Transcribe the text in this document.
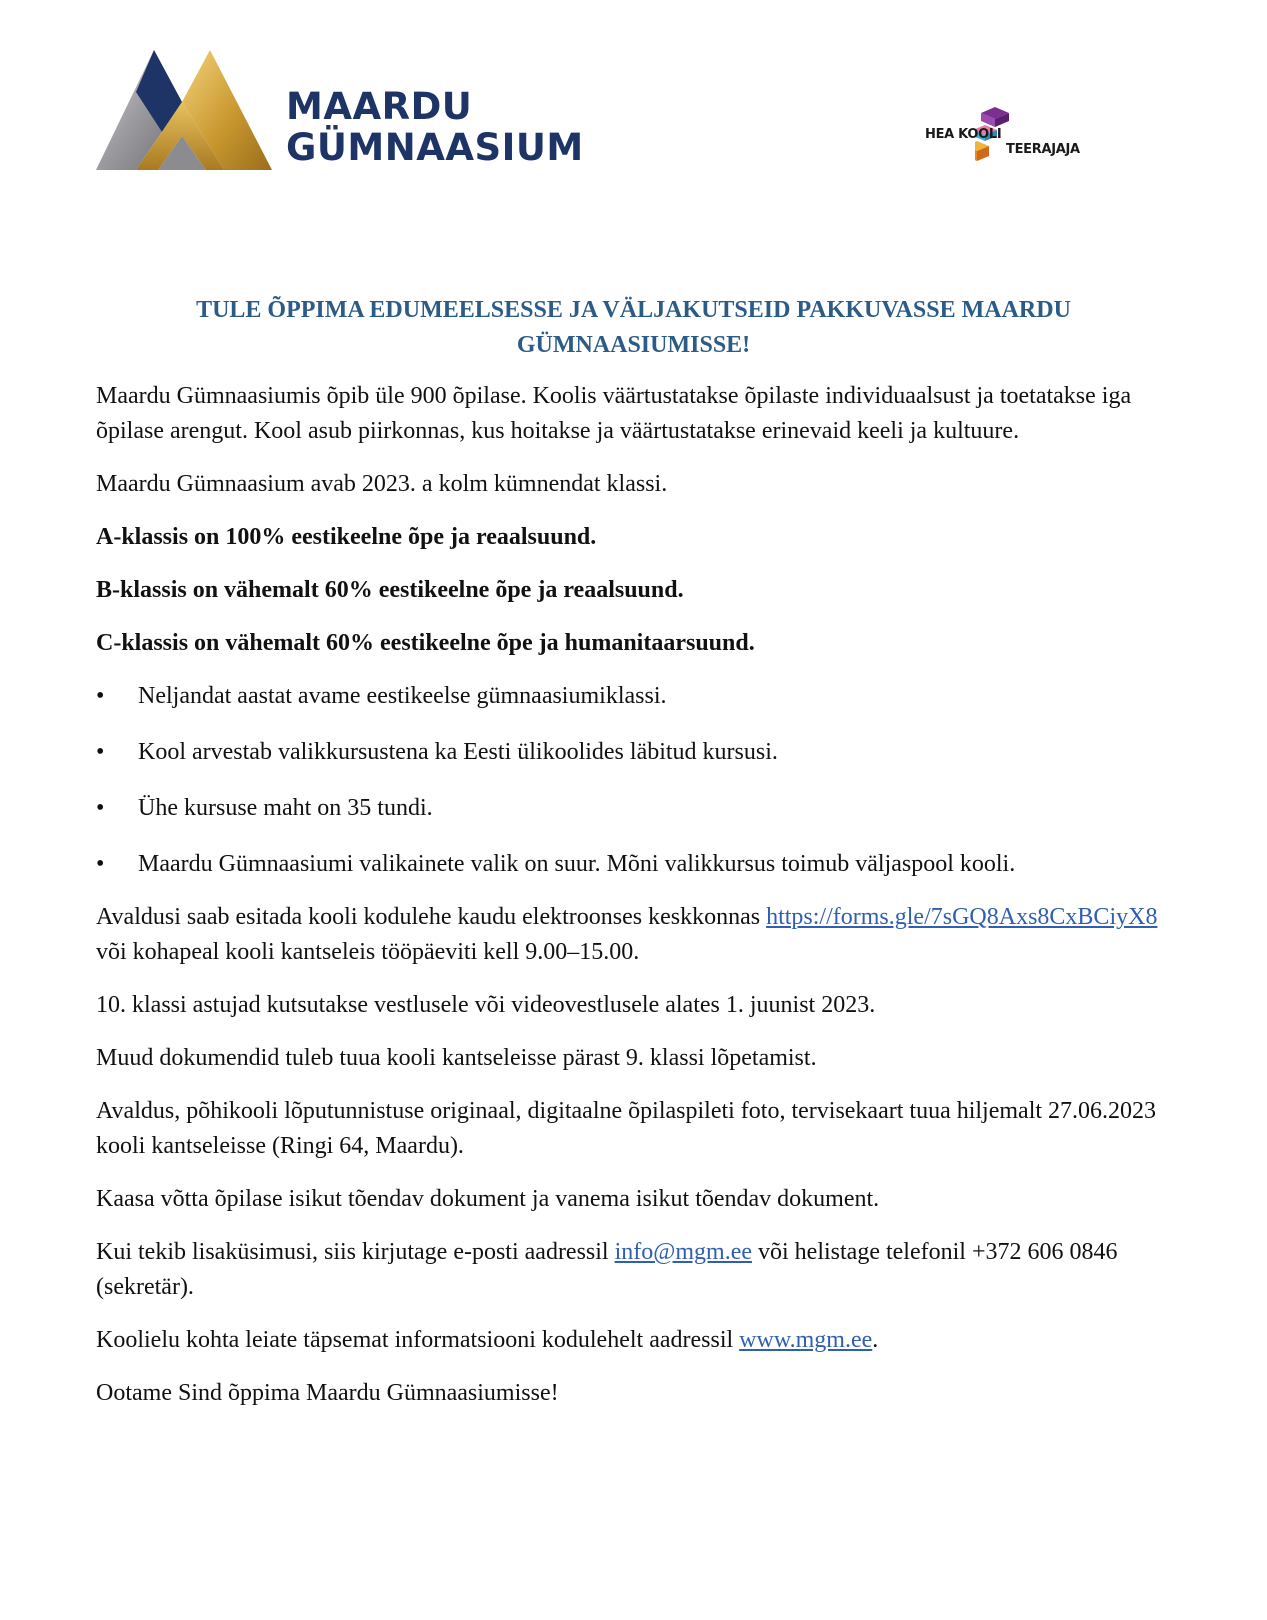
MAARDU
GÜMNAASIUM	HEA KOOLI
TEERAJAJA
TULE ÕPPIMA EDUMEELSESSE JA VÄLJAKUTSEID PAKKUVASSE MAARDU GÜMNAASIUMISSE!

Maardu Gümnaasiumis õpib üle 900 õpilase. Koolis väärtustatakse õpilaste individuaalsust ja toetatakse iga õpilase arengut. Kool asub piirkonnas, kus hoitakse ja väärtustatakse erinevaid keeli ja kultuure.

Maardu Gümnaasium avab 2023. a kolm kümnendat klassi.

A-klassis on 100% eestikeelne õpe ja reaalsuund.

B-klassis on vähemalt 60% eestikeelne õpe ja reaalsuund.

C-klassis on vähemalt 60% eestikeelne õpe ja humanitaarsuund.

• Neljandat aastat avame eestikeelse gümnaasiumiklassi.
• Kool arvestab valikkursustena ka Eesti ülikoolides läbitud kursusi.
• Ühe kursuse maht on 35 tundi.
• Maardu Gümnaasiumi valikainete valik on suur. Mõni valikkursus toimub väljaspool kooli.

Avaldusi saab esitada kooli kodulehe kaudu elektroonses keskkonnas https://forms.gle/7sGQ8Axs8CxBCiyX8 või kohapeal kooli kantseleis tööpäeviti kell 9.00–15.00.

10. klassi astujad kutsutakse vestlusele või videovestlusele alates 1. juunist 2023.

Muud dokumendid tuleb tuua kooli kantseleisse pärast 9. klassi lõpetamist.

Avaldus, põhikooli lõputunnistuse originaal, digitaalne õpilaspileti foto, tervisekaart tuua hiljemalt 27.06.2023 kooli kantseleisse (Ringi 64, Maardu).

Kaasa võtta õpilase isikut tõendav dokument ja vanema isikut tõendav dokument.

Kui tekib lisaküsimusi, siis kirjutage e-posti aadressil info@mgm.ee või helistage telefonil +372 606 0846 (sekretär).

Koolielu kohta leiate täpsemat informatsiooni kodulehelt aadressil www.mgm.ee.

Ootame Sind õppima Maardu Gümnaasiumisse!
